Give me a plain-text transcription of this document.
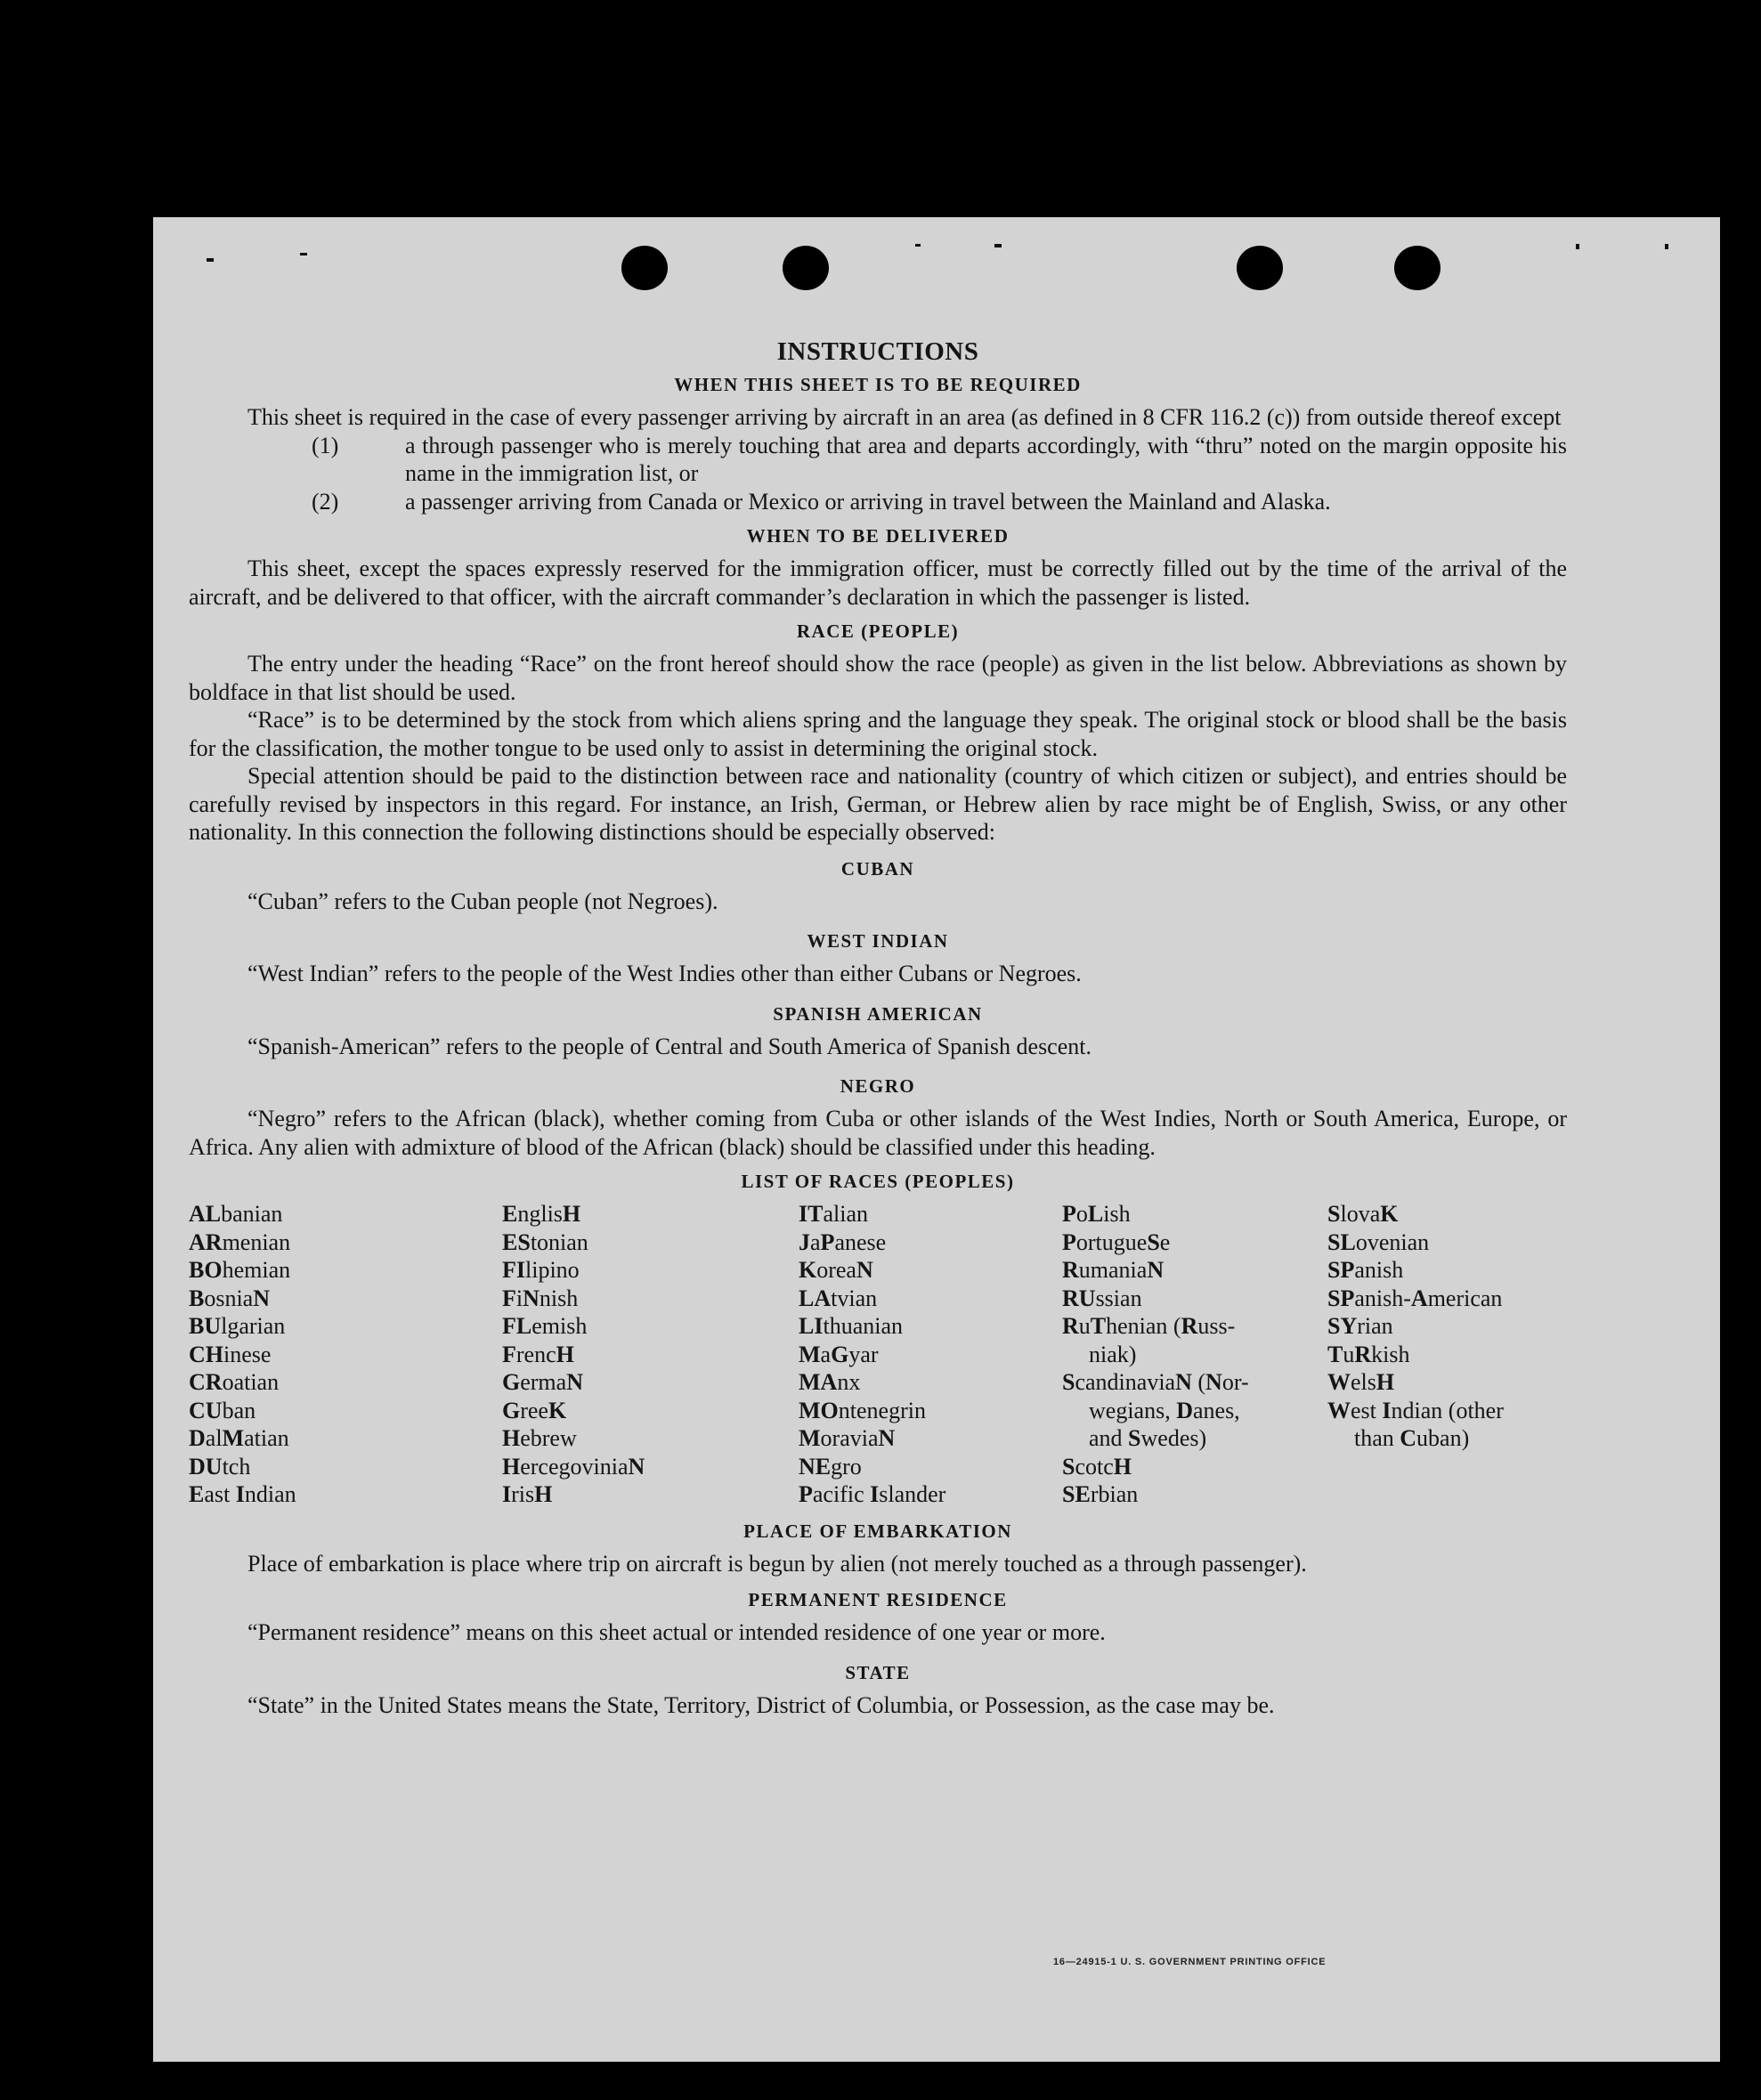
INSTRUCTIONS
WHEN THIS SHEET IS TO BE REQUIRED

This sheet is required in the case of every passenger arriving by aircraft in an area (as defined in 8 CFR 116.2 (c)) from outside thereof except

(1)	a through passenger who is merely touching that area and departs accordingly, with “thru” noted on the margin opposite his name in the immigration list, or
(2)	a passenger arriving from Canada or Mexico or arriving in travel between the Mainland and Alaska.
WHEN TO BE DELIVERED

This sheet, except the spaces expressly reserved for the immigration officer, must be correctly filled out by the time of the arrival of the aircraft, and be delivered to that officer, with the aircraft commander’s declaration in which the passenger is listed.

RACE (PEOPLE)

The entry under the heading “Race” on the front hereof should show the race (people) as given in the list below. Abbreviations as shown by boldface in that list should be used.

“Race” is to be determined by the stock from which aliens spring and the language they speak. The original stock or blood shall be the basis for the classification, the mother tongue to be used only to assist in determining the original stock.

Special attention should be paid to the distinction between race and nationality (country of which citizen or subject), and entries should be carefully revised by inspectors in this regard. For instance, an Irish, German, or Hebrew alien by race might be of English, Swiss, or any other nationality. In this connection the following distinctions should be especially observed:

CUBAN

“Cuban” refers to the Cuban people (not Negroes).

WEST INDIAN

“West Indian” refers to the people of the West Indies other than either Cubans or Negroes.

SPANISH AMERICAN

“Spanish-American” refers to the people of Central and South America of Spanish descent.

NEGRO

“Negro” refers to the African (black), whether coming from Cuba or other islands of the West Indies, North or South America, Europe, or Africa. Any alien with admixture of blood of the African (black) should be classified under this heading.

LIST OF RACES (PEOPLES)
ALbanian
ARmenian
BOhemian
BosniaN
BUlgarian
CHinese
CRoatian
CUban
DalMatian
DUtch
East Indian
EnglisH
EStonian
FIlipino
FiNnish
FLemish
FrencH
GermaN
GreeK
Hebrew
HercegoviniaN
IrisH
ITalian
JaPanese
KoreaN
LAtvian
LIthuanian
MaGyar
MAnx
MOntenegrin
MoraviaN
NEgro
Pacific Islander
PoLish
PortugueSe
RumaniaN
RUssian
RuThenian (Russ-
niak)
ScandinaviaN (Nor-
wegians, Danes,
and Swedes)
ScotcH
SErbian
SlovaK
SLovenian
SPanish
SPanish-American
SYrian
TuRkish
WelsH
West Indian (other
than Cuban)
PLACE OF EMBARKATION

Place of embarkation is place where trip on aircraft is begun by alien (not merely touched as a through passenger).

PERMANENT RESIDENCE

“Permanent residence” means on this sheet actual or intended residence of one year or more.

STATE

“State” in the United States means the State, Territory, District of Columbia, or Possession, as the case may be.

16—24915-1 U. S. GOVERNMENT PRINTING OFFICE
